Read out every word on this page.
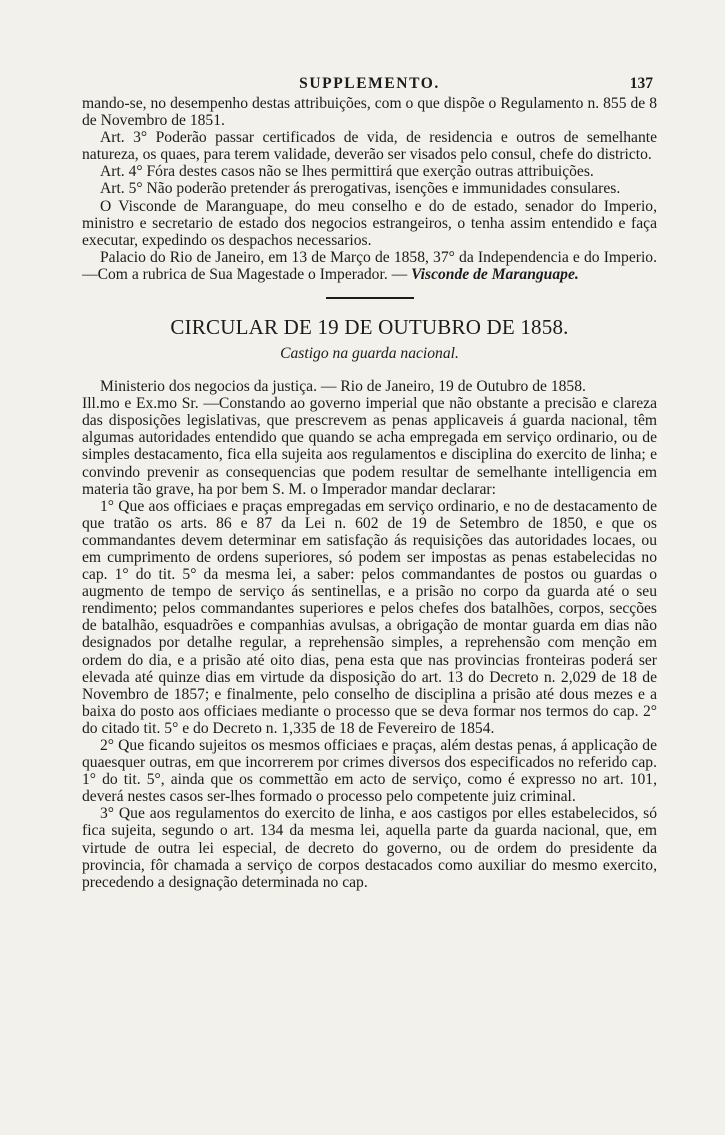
SUPPLEMENTO.	137

mando-se, no desempenho destas attribuições, com o que dispõe o Regulamento n. 855 de 8 de Novembro de 1851.

Art. 3° Poderão passar certificados de vida, de residencia e outros de semelhante natureza, os quaes, para terem validade, deverão ser visados pelo consul, chefe do districto.

Art. 4° Fóra destes casos não se lhes permittirá que exerção outras attribuições.

Art. 5° Não poderão pretender ás prerogativas, isenções e immunidades consulares.

O Visconde de Maranguape, do meu conselho e do de estado, senador do Imperio, ministro e secretario de estado dos negocios estrangeiros, o tenha assim entendido e faça executar, expedindo os despachos necessarios.

Palacio do Rio de Janeiro, em 13 de Março de 1858, 37° da Independencia e do Imperio. —Com a rubrica de Sua Magestade o Imperador. — Visconde de Maranguape.

CIRCULAR DE 19 DE OUTUBRO DE 1858.
Castigo na guarda nacional.

Ministerio dos negocios da justiça. — Rio de Janeiro, 19 de Outubro de 1858.

Ill.mo e Ex.mo Sr. —Constando ao governo imperial que não obstante a precisão e clareza das disposições legislativas, que prescrevem as penas applicaveis á guarda nacional, têm algumas autoridades entendido que quando se acha empregada em serviço ordinario, ou de simples destacamento, fica ella sujeita aos regulamentos e disciplina do exercito de linha; e convindo prevenir as consequencias que podem resultar de semelhante intelligencia em materia tão grave, ha por bem S. M. o Imperador mandar declarar:

1° Que aos officiaes e praças empregadas em serviço ordinario, e no de destacamento de que tratão os arts. 86 e 87 da Lei n. 602 de 19 de Setembro de 1850, e que os commandantes devem determinar em satisfação ás requisições das autoridades locaes, ou em cumprimento de ordens superiores, só podem ser impostas as penas estabelecidas no cap. 1° do tit. 5° da mesma lei, a saber: pelos commandantes de postos ou guardas o augmento de tempo de serviço ás sentinellas, e a prisão no corpo da guarda até o seu rendimento; pelos commandantes superiores e pelos chefes dos batalhões, corpos, secções de batalhão, esquadrões e companhias avulsas, a obrigação de montar guarda em dias não designados por detalhe regular, a reprehensão simples, a reprehensão com menção em ordem do dia, e a prisão até oito dias, pena esta que nas provincias fronteiras poderá ser elevada até quinze dias em virtude da disposição do art. 13 do Decreto n. 2,029 de 18 de Novembro de 1857; e finalmente, pelo conselho de disciplina a prisão até dous mezes e a baixa do posto aos officiaes mediante o processo que se deva formar nos termos do cap. 2° do citado tit. 5° e do Decreto n. 1,335 de 18 de Fevereiro de 1854.

2° Que ficando sujeitos os mesmos officiaes e praças, além destas penas, á applicação de quaesquer outras, em que incorrerem por crimes diversos dos especificados no referido cap. 1° do tit. 5°, ainda que os commettão em acto de serviço, como é expresso no art. 101, deverá nestes casos ser-lhes formado o processo pelo competente juiz criminal.

3° Que aos regulamentos do exercito de linha, e aos castigos por elles estabelecidos, só fica sujeita, segundo o art. 134 da mesma lei, aquella parte da guarda nacional, que, em virtude de outra lei especial, de decreto do governo, ou de ordem do presidente da provincia, fôr chamada a serviço de corpos destacados como auxiliar do mesmo exercito, precedendo a designação determinada no cap.
